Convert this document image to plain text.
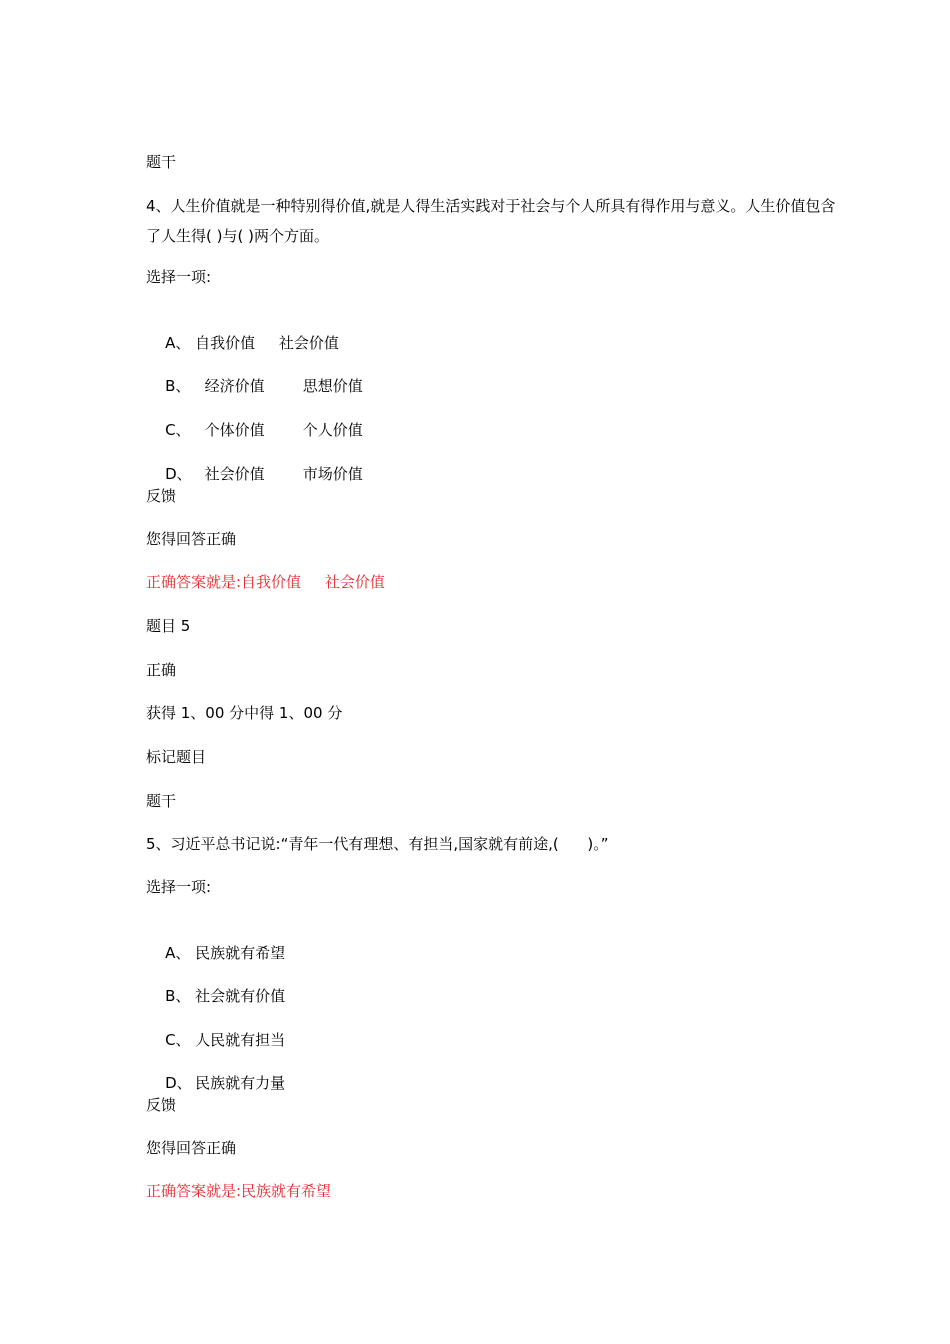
题干
4、人生价值就是一种特别得价值,就是人得生活实践对于社会与个人所具有得作用与意义。人生价值包含了人生得( )与( )两个方面。
选择一项:

A、 自我价值     社会价值

B、  经济价值        思想价值

C、  个体价值        个人价值

D、  社会价值        市场价值

反馈
您得回答正确
正确答案就是:自我价值     社会价值
题目 5
正确
获得 1、00 分中得 1、00 分
标记题目
题干
5、习近平总书记说:“青年一代有理想、有担当,国家就有前途,(      )。”
选择一项:

A、 民族就有希望

B、 社会就有价值

C、 人民就有担当

D、 民族就有力量

反馈
您得回答正确
正确答案就是:民族就有希望
